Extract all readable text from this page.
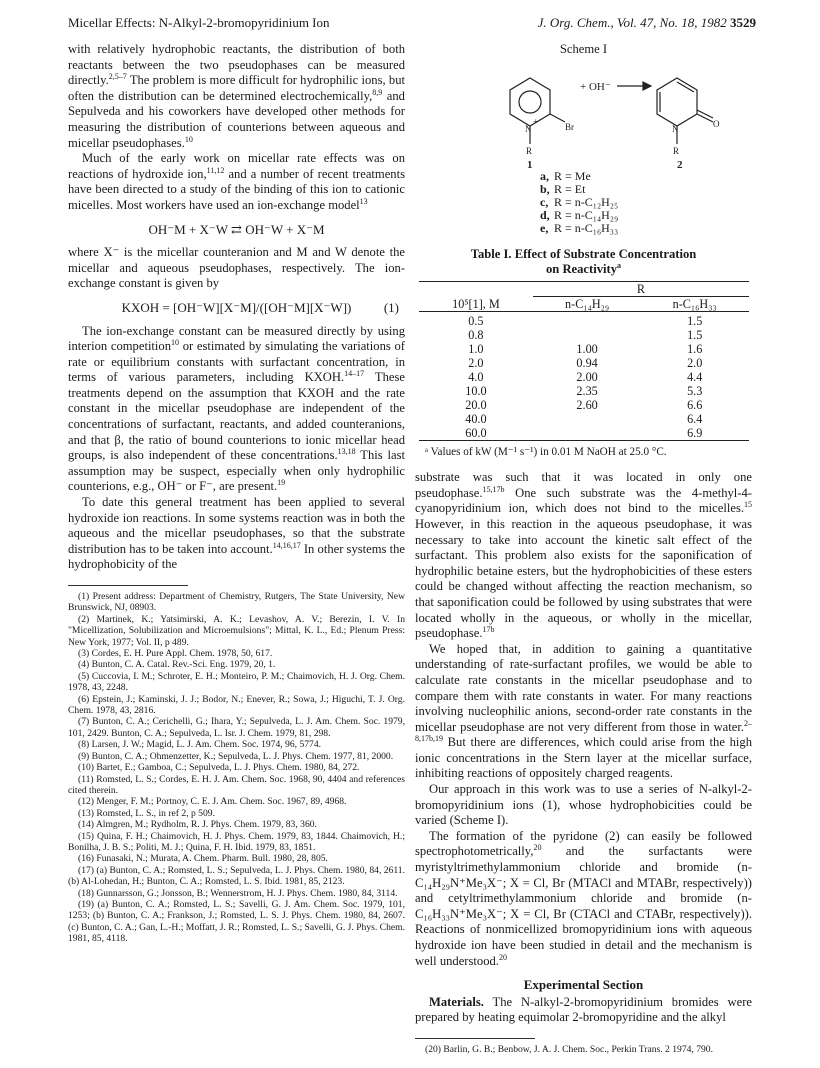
Micellar Effects: N-Alkyl-2-bromopyridinium Ion	J. Org. Chem., Vol. 47, No. 18, 1982 3529

with relatively hydrophobic reactants, the distribution of both reactants between the two pseudophases can be measured directly.$^{2,5-7}$ The problem is more difficult for hydrophilic ions, but often the distribution can be determined electrochemically,$^{8,9}$ and Sepulveda and his coworkers have developed other methods for measuring the distribution of counterions between aqueous and micellar pseudophases.$^{10}$

Much of the early work on micellar rate effects was on reactions of hydroxide ion,$^{11,12}$ and a number of recent treatments have been directed to a study of the binding of this ion to cationic micelles. Most workers have used an ion-exchange model$^{13}$

OH⁻M + X⁻W ⇄ OH⁻W + X⁻M

where X⁻ is the micellar counteranion and M and W denote the micellar and aqueous pseudophases, respectively. The ion-exchange constant is given by

KXOH = [OH⁻W][X⁻M]/([OH⁻M][X⁻W]) (1)

The ion-exchange constant can be measured directly by using interion competition$^{10}$ or estimated by simulating the variations of rate or equilibrium constants with surfactant concentration, in terms of various parameters, including KXOH.$^{14-17}$ These treatments depend on the assumption that KXOH and the rate constant in the micellar pseudophase are independent of the concentrations of surfactant, reactants, and added counteranions, and that β, the ratio of bound counterions to ionic micellar head groups, is also independent of these concentrations.$^{13,18}$ This last assumption may be suspect, especially when only hydrophilic counterions, e.g., OH⁻ or F⁻, are present.$^{19}$

To date this general treatment has been applied to several hydroxide ion reactions. In some systems reaction was in both the aqueous and the micellar pseudophases, so that the substrate distribution has to be taken into account.$^{14,16,17}$ In other systems the hydrophobicity of the

(1) Present address: Department of Chemistry, Rutgers, The State University, New Brunswick, NJ, 08903.

(2) Martinek, K.; Yatsimirski, A. K.; Levashov, A. V.; Berezin, I. V. In "Micellization, Solubilization and Microemulsions"; Mittal, K. L., Ed.; Plenum Press: New York, 1977; Vol. II, p 489.

(3) Cordes, E. H. Pure Appl. Chem. 1978, 50, 617.

(4) Bunton, C. A. Catal. Rev.-Sci. Eng. 1979, 20, 1.

(5) Cuccovia, I. M.; Schroter, E. H.; Monteiro, P. M.; Chaimovich, H. J. Org. Chem. 1978, 43, 2248.

(6) Epstein, J.; Kaminski, J. J.; Bodor, N.; Enever, R.; Sowa, J.; Higuchi, T. J. Org. Chem. 1978, 43, 2816.

(7) Bunton, C. A.; Cerichelli, G.; Ihara, Y.; Sepulveda, L. J. Am. Chem. Soc. 1979, 101, 2429. Bunton, C. A.; Sepulveda, L. Isr. J. Chem. 1979, 81, 298.

(8) Larsen, J. W.; Magid, L. J. Am. Chem. Soc. 1974, 96, 5774.

(9) Bunton, C. A.; Ohmenzetter, K.; Sepulveda, L. J. Phys. Chem. 1977, 81, 2000.

(10) Bartet, E.; Gamboa, C.; Sepulveda, L. J. Phys. Chem. 1980, 84, 272.

(11) Romsted, L. S.; Cordes, E. H. J. Am. Chem. Soc. 1968, 90, 4404 and references cited therein.

(12) Menger, F. M.; Portnoy, C. E. J. Am. Chem. Soc. 1967, 89, 4968.

(13) Romsted, L. S., in ref 2, p 509.

(14) Almgren, M.; Rydholm, R. J. Phys. Chem. 1979, 83, 360.

(15) Quina, F. H.; Chaimovich, H. J. Phys. Chem. 1979, 83, 1844. Chaimovich, H.; Bonilha, J. B. S.; Politi, M. J.; Quina, F. H. Ibid. 1979, 83, 1851.

(16) Funasaki, N.; Murata, A. Chem. Pharm. Bull. 1980, 28, 805.

(17) (a) Bunton, C. A.; Romsted, L. S.; Sepulveda, L. J. Phys. Chem. 1980, 84, 2611. (b) Al-Lohedan, H.; Bunton, C. A.; Romsted, L. S. Ibid. 1981, 85, 2123.

(18) Gunnarsson, G.; Jonsson, B.; Wennerstrom, H. J. Phys. Chem. 1980, 84, 3114.

(19) (a) Bunton, C. A.; Romsted, L. S.; Savelli, G. J. Am. Chem. Soc. 1979, 101, 1253; (b) Bunton, C. A.; Frankson, J.; Romsted, L. S. J. Phys. Chem. 1980, 84, 2607. (c) Bunton, C. A.; Gan, L.-H.; Moffatt, J. R.; Romsted, L. S.; Savelli, G. J. Phys. Chem. 1981, 85, 4118.

Scheme I
N
+
Br
R
+ OH⁻
N	O
R
1	2
a, R = Me
b, R = Et
c, R = n-C₁₂H₂₅
d, R = n-C₁₄H₂₉
e, R = n-C₁₆H₃₃
Table I. Effect of Substrate Concentration
on Reactivity$^a$
	R	

10⁵[1], M	n-C₁₄H₂₉	n-C₁₆H₃₃

0.5		1.5
0.8		1.5
1.0	1.00	1.6
2.0	0.94	2.0
4.0	2.00	4.4
10.0	2.35	5.3
20.0	2.60	6.6
40.0		6.4
60.0		6.9

ᵃ Values of kW (M⁻¹ s⁻¹) in 0.01 M NaOH at 25.0 °C.

substrate was such that it was located in only one pseudophase.$^{15,17b}$ One such substrate was the 4-methyl-4-cyanopyridinium ion, which does not bind to the micelles.$^{15}$ However, in this reaction in the aqueous pseudophase, it was necessary to take into account the kinetic salt effect of the surfactant. This problem also exists for the saponification of hydrophilic betaine esters, but the hydrophobicities of these esters could be changed without affecting the reaction mechanism, so that saponification could be followed by using substrates that were located wholly in the aqueous, or wholly in the micellar, pseudophase.$^{17b}$

We hoped that, in addition to gaining a quantitative understanding of rate-surfactant profiles, we would be able to calculate rate constants in the micellar pseudophase and to compare them with rate constants in water. For many reactions involving nucleophilic anions, second-order rate constants in the micellar pseudophase are not very different from those in water.$^{2-8,17b,19}$ But there are differences, which could arise from the high ionic concentrations in the Stern layer at the micellar surface, inhibiting reactions of oppositely charged reagents.

Our approach in this work was to use a series of N-alkyl-2-bromopyridinium ions (1), whose hydrophobicities could be varied (Scheme I).

The formation of the pyridone (2) can easily be followed spectrophotometrically,$^{20}$ and the surfactants were myristyltrimethylammonium chloride and bromide (n-C₁₄H₂₉N⁺Me₃X⁻; X = Cl, Br (MTACl and MTABr, respectively)) and cetyltrimethylammonium chloride and bromide (n-C₁₆H₃₃N⁺Me₃X⁻; X = Cl, Br (CTACl and CTABr, respectively)). Reactions of nonmicellized bromopyridinium ions with aqueous hydroxide ion have been studied in detail and the mechanism is well understood.$^{20}$

Experimental Section

Materials. The N-alkyl-2-bromopyridinium bromides were prepared by heating equimolar 2-bromopyridine and the alkyl

(20) Barlin, G. B.; Benbow, J. A. J. Chem. Soc., Perkin Trans. 2 1974, 790.
